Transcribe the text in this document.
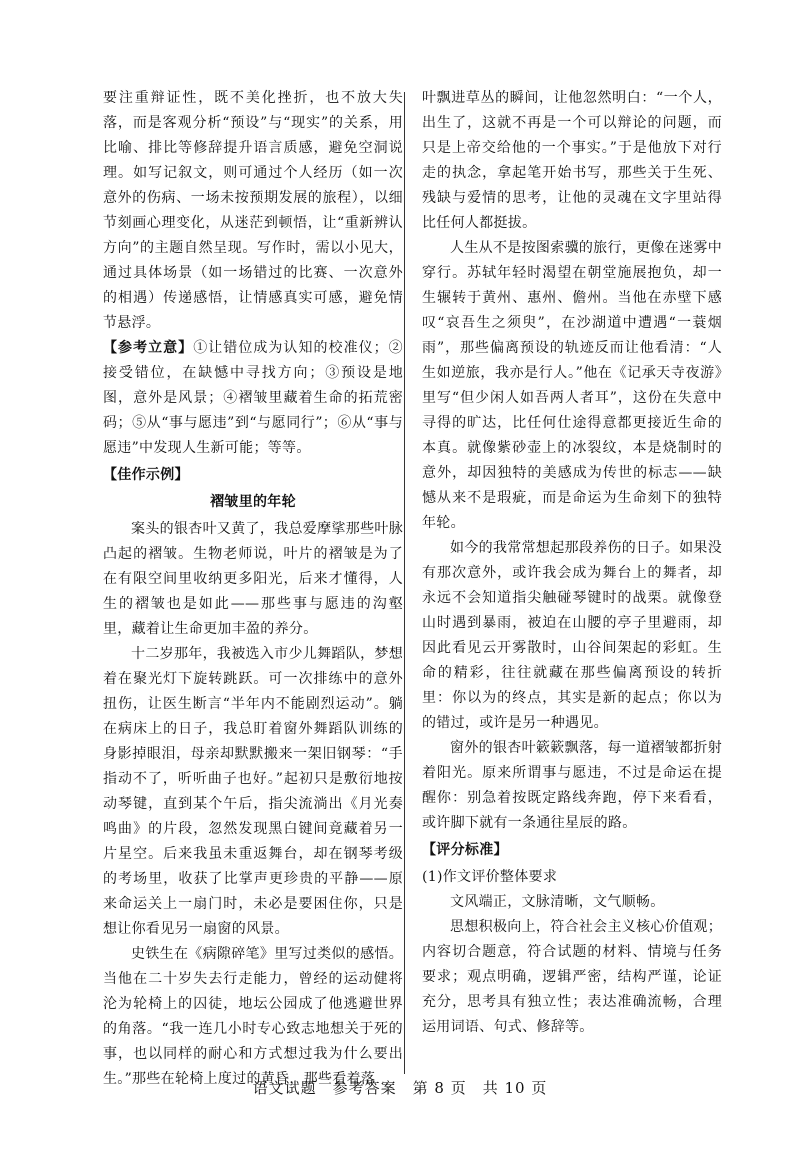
要注重辩证性，既不美化挫折，也不放大失落，而是客观分析“预设”与“现实”的关系，用比喻、排比等修辞提升语言质感，避免空洞说理。如写记叙文，则可通过个人经历（如一次意外的伤病、一场未按预期发展的旅程），以细节刻画心理变化，从迷茫到顿悟，让“重新辨认方向”的主题自然呈现。写作时，需以小见大，通过具体场景（如一场错过的比赛、一次意外的相遇）传递感悟，让情感真实可感，避免情节悬浮。

【参考立意】①让错位成为认知的校准仪；②接受错位，在缺憾中寻找方向；③预设是地图，意外是风景；④褶皱里藏着生命的拓荒密码；⑤从“事与愿违”到“与愿同行”；⑥从“事与愿违”中发现人生新可能；等等。

【佳作示例】

褶皱里的年轮

案头的银杏叶又黄了，我总爱摩挲那些叶脉凸起的褶皱。生物老师说，叶片的褶皱是为了在有限空间里收纳更多阳光，后来才懂得，人生的褶皱也是如此——那些事与愿违的沟壑里，藏着让生命更加丰盈的养分。

十二岁那年，我被选入市少儿舞蹈队，梦想着在聚光灯下旋转跳跃。可一次排练中的意外扭伤，让医生断言“半年内不能剧烈运动”。躺在病床上的日子，我总盯着窗外舞蹈队训练的身影掉眼泪，母亲却默默搬来一架旧钢琴：“手指动不了，听听曲子也好。”起初只是敷衍地按动琴键，直到某个午后，指尖流淌出《月光奏鸣曲》的片段，忽然发现黑白键间竟藏着另一片星空。后来我虽未重返舞台，却在钢琴考级的考场里，收获了比掌声更珍贵的平静——原来命运关上一扇门时，未必是要困住你，只是想让你看见另一扇窗的风景。

史铁生在《病隙碎笔》里写过类似的感悟。当他在二十岁失去行走能力，曾经的运动健将沦为轮椅上的囚徒，地坛公园成了他逃避世界的角落。“我一连几小时专心致志地想关于死的事，也以同样的耐心和方式想过我为什么要出生。”那些在轮椅上度过的黄昏，那些看着落

叶飘进草丛的瞬间，让他忽然明白：“一个人，出生了，这就不再是一个可以辩论的问题，而只是上帝交给他的一个事实。”于是他放下对行走的执念，拿起笔开始书写，那些关于生死、残缺与爱情的思考，让他的灵魂在文字里站得比任何人都挺拔。

人生从不是按图索骥的旅行，更像在迷雾中穿行。苏轼年轻时渴望在朝堂施展抱负，却一生辗转于黄州、惠州、儋州。当他在赤壁下感叹“哀吾生之须臾”，在沙湖道中遭遇“一蓑烟雨”，那些偏离预设的轨迹反而让他看清：“人生如逆旅，我亦是行人。”他在《记承天寺夜游》里写“但少闲人如吾两人者耳”，这份在失意中寻得的旷达，比任何仕途得意都更接近生命的本真。就像紫砂壶上的冰裂纹，本是烧制时的意外，却因独特的美感成为传世的标志——缺憾从来不是瑕疵，而是命运为生命刻下的独特年轮。

如今的我常常想起那段养伤的日子。如果没有那次意外，或许我会成为舞台上的舞者，却永远不会知道指尖触碰琴键时的战栗。就像登山时遇到暴雨，被迫在山腰的亭子里避雨，却因此看见云开雾散时，山谷间架起的彩虹。生命的精彩，往往就藏在那些偏离预设的转折里：你以为的终点，其实是新的起点；你以为的错过，或许是另一种遇见。

窗外的银杏叶簌簌飘落，每一道褶皱都折射着阳光。原来所谓事与愿违，不过是命运在提醒你：别急着按既定路线奔跑，停下来看看，或许脚下就有一条通往星辰的路。

【评分标准】

(1)作文评价整体要求

文风端正，文脉清晰，文气顺畅。

思想积极向上，符合社会主义核心价值观；内容切合题意，符合试题的材料、情境与任务要求；观点明确，逻辑严密，结构严谨，论证充分，思考具有独立性；表达准确流畅，合理运用词语、句式、修辞等。

语文试题　参考答案　第 8 页　共 10 页
